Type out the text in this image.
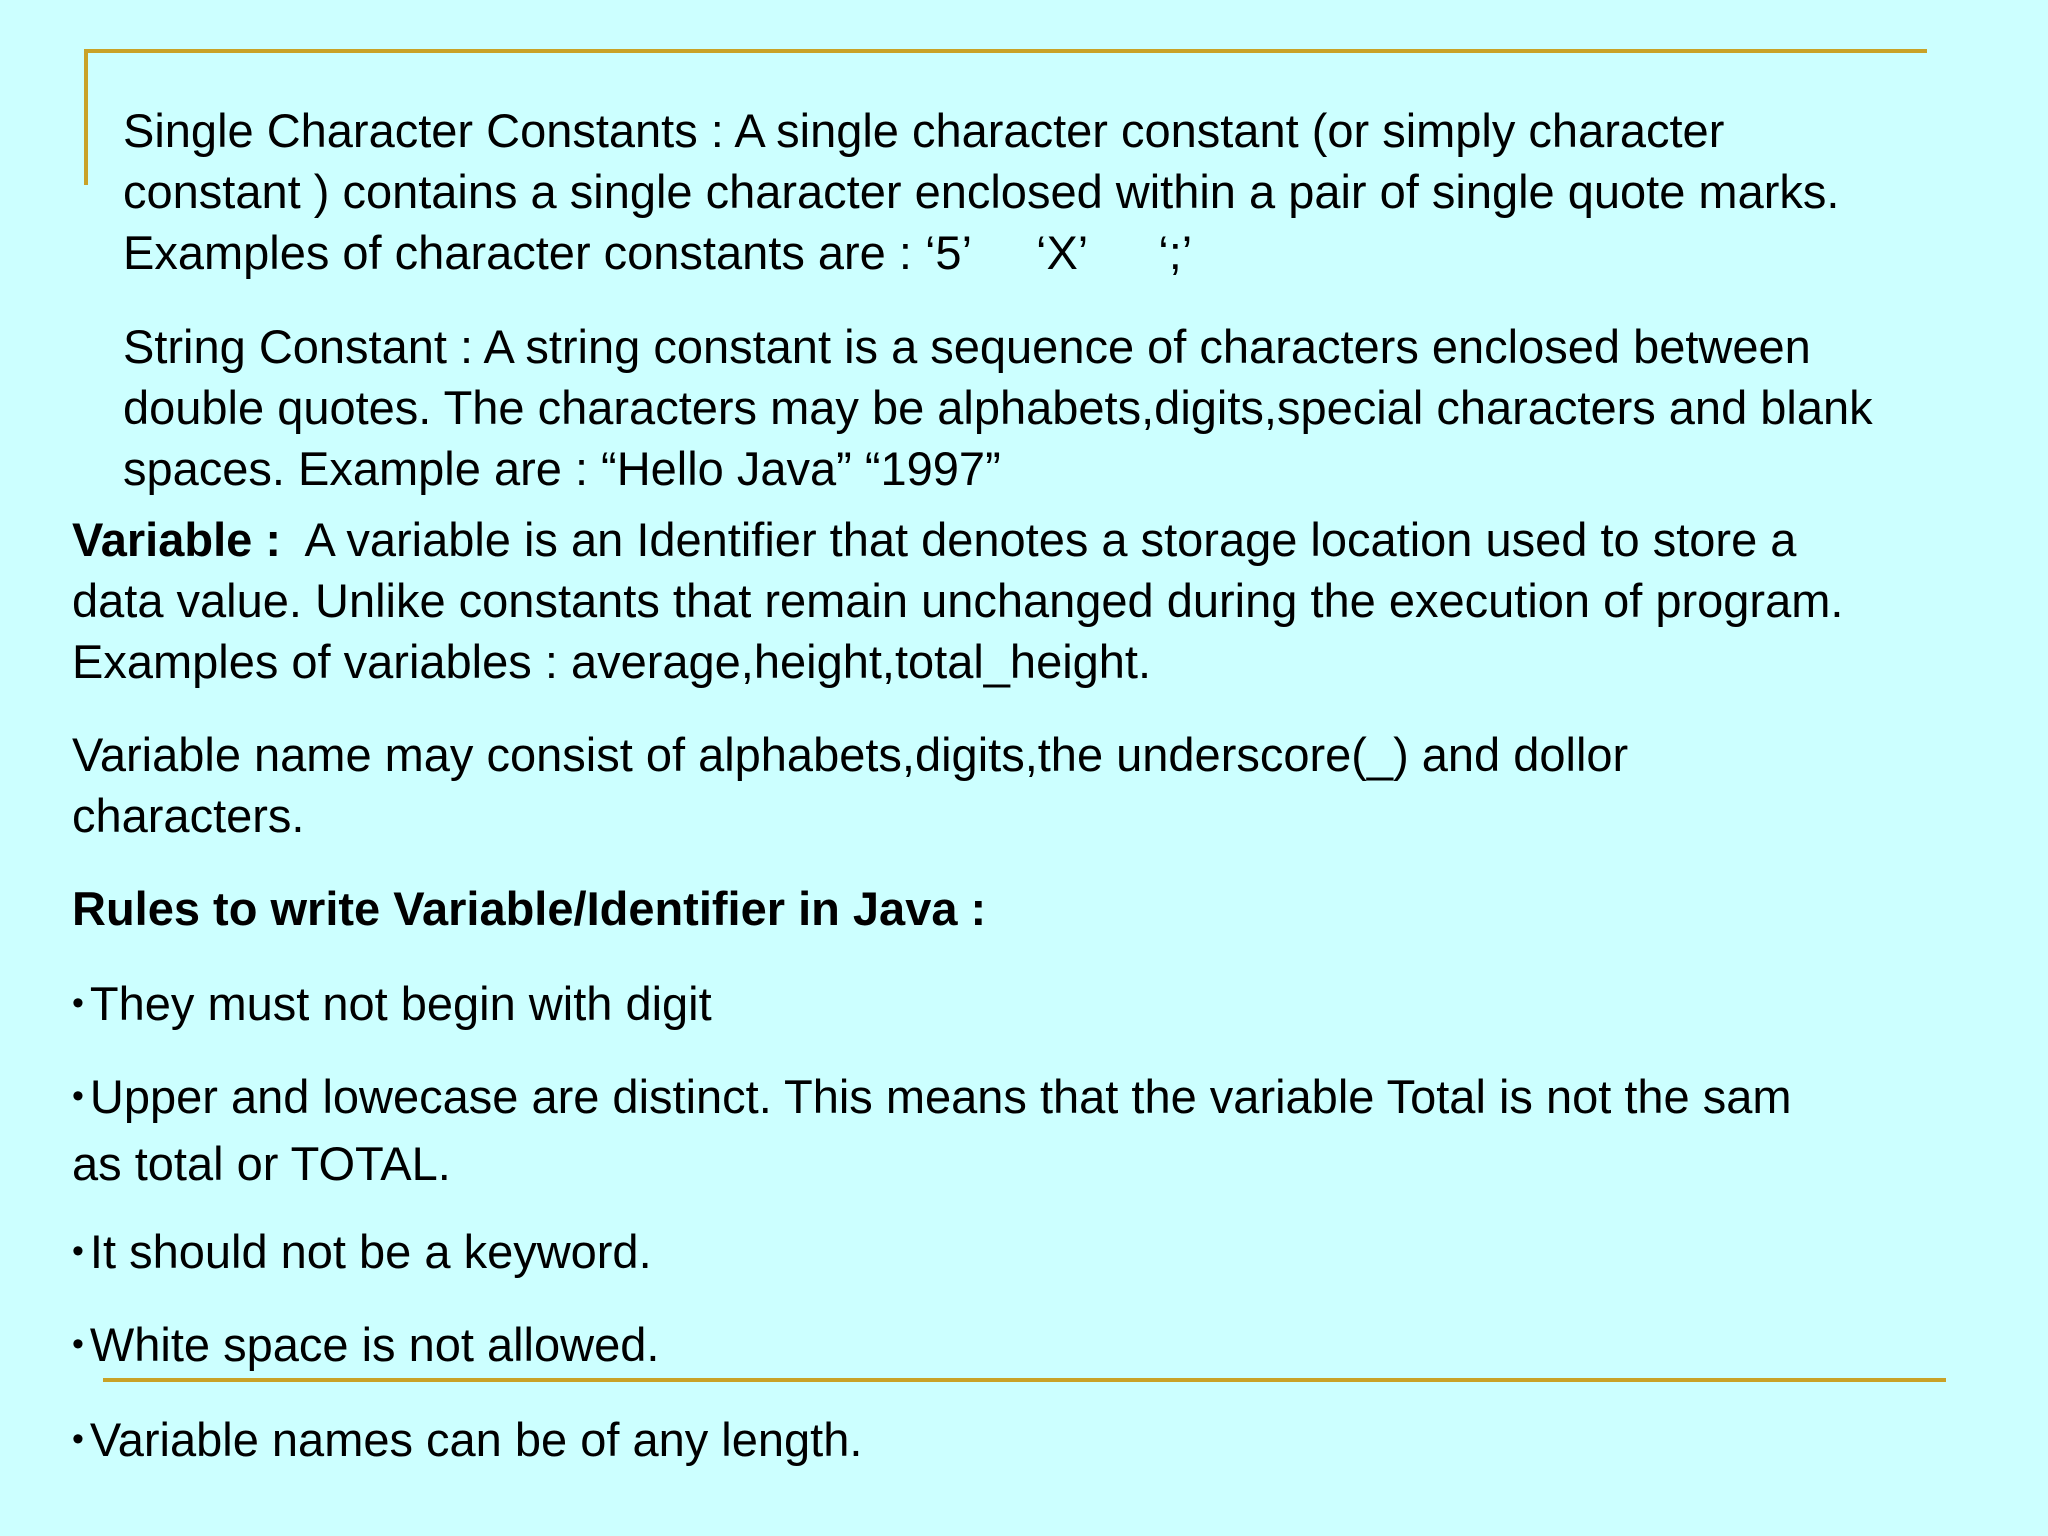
Single Character Constants : A single character constant (or simply character
constant ) contains a single character enclosed within a pair of single quote marks.
Examples of character constants are : ‘5’ ‘X’ ‘;’

String Constant : A string constant is a sequence of characters enclosed between
double quotes. The characters may be alphabets,digits,special characters and blank
spaces. Example are : “Hello Java” “1997”

Variable :  A variable is an Identifier that denotes a storage location used to store a
data value. Unlike constants that remain unchanged during the execution of program.
Examples of variables : average,height,total_height.

Variable name may consist of alphabets,digits,the underscore(_) and dollor
characters.

Rules to write Variable/Identifier in Java :

• They must not begin with digit

• Upper and lowecase are distinct. This means that the variable Total is not the sam
as total or TOTAL.

• It should not be a keyword.

• White space is not allowed.

• Variable names can be of any length.
